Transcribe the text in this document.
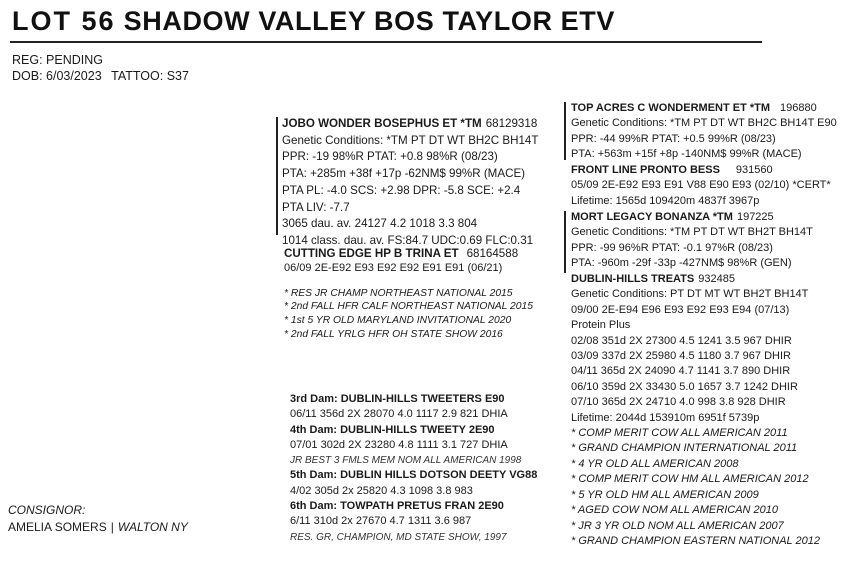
LOT 56 SHADOW VALLEY BOS TAYLOR ETV
REG: PENDING
DOB: 6/03/2023 TATTOO: S37
JOBO WONDER BOSEPHUS ET *TM 68129318
Genetic Conditions: *TM PT DT WT BH2C BH14T
PPR: -19 98%R PTAT: +0.8 98%R (08/23)
PTA: +285m +38f +17p -62NM$ 99%R (MACE)
PTA PL: -4.0 SCS: +2.98 DPR: -5.8 SCE: +2.4
PTA LIV: -7.7
3065 dau. av. 24127 4.2 1018 3.3 804
1014 class. dau. av. FS:84.7 UDC:0.69 FLC:0.31
CUTTING EDGE HP B TRINA ET 68164588
06/09 2E-E92 E93 E92 E92 E91 E91 (06/21)
* RES JR CHAMP NORTHEAST NATIONAL 2015
* 2nd FALL HFR CALF NORTHEAST NATIONAL 2015
* 1st 5 YR OLD MARYLAND INVITATIONAL 2020
* 2nd FALL YRLG HFR OH STATE SHOW 2016
TOP ACRES C WONDERMENT ET *TM 196880
Genetic Conditions: *TM PT DT WT BH2C BH14T E90
PPR: -44 99%R PTAT: +0.5 99%R (08/23)
PTA: +563m +15f +8p -140NM$ 99%R (MACE)
FRONT LINE PRONTO BESS 931560
05/09 2E-E92 E93 E91 V88 E90 E93 (02/10) *CERT*
Lifetime: 1565d 109420m 4837f 3967p
MORT LEGACY BONANZA *TM 197225
Genetic Conditions: *TM PT DT WT BH2T BH14T
PPR: -99 96%R PTAT: -0.1 97%R (08/23)
PTA: -960m -29f -33p -427NM$ 98%R (GEN)
DUBLIN-HILLS TREATS 932485
Genetic Conditions: PT DT MT WT BH2T BH14T
09/00 2E-E94 E96 E93 E92 E93 E94 (07/13)
Protein Plus
02/08 351d 2X 27300 4.5 1241 3.5 967 DHIR
03/09 337d 2X 25980 4.5 1180 3.7 967 DHIR
04/11 365d 2X 24090 4.7 1141 3.7 890 DHIR
06/10 359d 2X 33430 5.0 1657 3.7 1242 DHIR
07/10 365d 2X 24710 4.0 998 3.8 928 DHIR
Lifetime: 2044d 153910m 6951f 5739p
* COMP MERIT COW ALL AMERICAN 2011
* GRAND CHAMPION INTERNATIONAL 2011
* 4 YR OLD ALL AMERICAN 2008
* COMP MERIT COW HM ALL AMERICAN 2012
* 5 YR OLD HM ALL AMERICAN 2009
* AGED COW NOM ALL AMERICAN 2010
* JR 3 YR OLD NOM ALL AMERICAN 2007
* GRAND CHAMPION EASTERN NATIONAL 2012
3rd Dam: DUBLIN-HILLS TWEETERS E90
06/11 356d 2X 28070 4.0 1117 2.9 821 DHIA
4th Dam: DUBLIN-HILLS TWEETY 2E90
07/01 302d 2X 23280 4.8 1111 3.1 727 DHIA
JR BEST 3 FMLS MEM NOM ALL AMERICAN 1998
5th Dam: DUBLIN HILLS DOTSON DEETY VG88
4/02 305d 2x 25820 4.3 1098 3.8 983
6th Dam: TOWPATH PRETUS FRAN 2E90
6/11 310d 2x 27670 4.7 1311 3.6 987
RES. GR, CHAMPION, MD STATE SHOW, 1997
CONSIGNOR:
AMELIA SOMERS | WALTON NY
